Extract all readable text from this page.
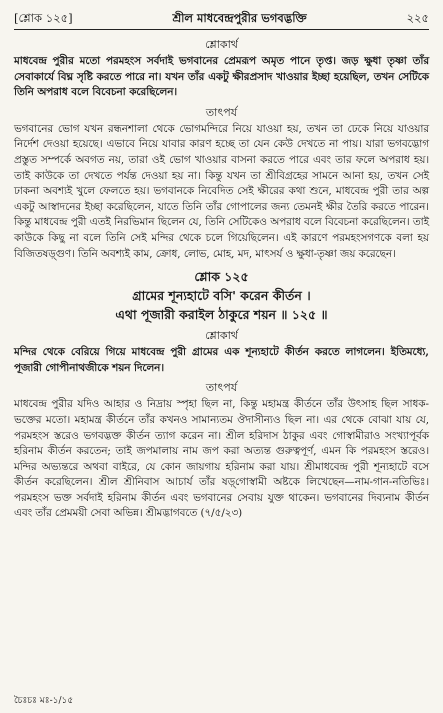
[শ্লোক ১২৫]	শ্রীল মাধবেন্দ্রপুরীর ভগবদ্ভক্তি	২২৫
শ্লোকার্থ

মাধবেন্দ্র পুরীর মতো পরমহংস সর্বদাই ভগবানের প্রেমরূপ অমৃত পানে তৃপ্ত। জড় ক্ষুধা তৃষ্ণা তাঁর সেবাকার্যে বিঘ্ন সৃষ্টি করতে পারে না। যখন তাঁর একটু ক্ষীরপ্রসাদ খাওয়ার ইচ্ছা হয়েছিল, তখন সেটিকে তিনি অপরাধ বলে বিবেচনা করেছিলেন।

তাৎপর্য

ভগবানের ভোগ যখন রন্ধনশালা থেকে ভোগমন্দিরে নিয়ে যাওয়া হয়, তখন তা ঢেকে নিয়ে যাওয়ার নির্দেশ দেওয়া হয়েছে। এভাবে নিয়ে যাবার কারণ হচ্ছে তা যেন কেউ দেখতে না পায়। যারা ভগবদ্ভোগ প্রস্তুত সম্পর্কে অবগত নয়, তারা ওই ভোগ খাওয়ার বাসনা করতে পারে এবং তার ফলে অপরাধ হয়। তাই কাউকে তা দেখতে পর্যন্ত দেওয়া হয় না। কিন্তু যখন তা শ্রীবিগ্রহের সামনে আনা হয়, তখন সেই ঢাকনা অবশ্যই খুলে ফেলতে হয়। ভগবানকে নিবেদিত সেই ক্ষীরের কথা শুনে, মাধবেন্দ্র পুরী তার অল্প একটু আস্বাদনের ইচ্ছা করেছিলেন, যাতে তিনি তাঁর গোপালের জন্য তেমনই ক্ষীর তৈরি করতে পারেন। কিন্তু মাধবেন্দ্র পুরী এতই নিরভিমান ছিলেন যে, তিনি সেটিকেও অপরাধ বলে বিবেচনা করেছিলেন। তাই কাউকে কিছু না বলে তিনি সেই মন্দির থেকে চলে গিয়েছিলেন। এই কারণে পরমহংসগণকে বলা হয় বিজিতষড়্‌গুণ। তিনি অবশ্যই কাম, ক্রোধ, লোভ, মোহ, মদ, মাৎসর্য ও ক্ষুধা-তৃষ্ণা জয় করেছেন।

শ্লোক ১২৫
গ্রামের শূন্যহাটে বসি' করেন কীর্তন ।
এথা পূজারী করাইল ঠাকুরে শয়ন ॥ ১২৫ ॥
শ্লোকার্থ

মন্দির থেকে বেরিয়ে গিয়ে মাধবেন্দ্র পুরী গ্রামের এক শূন্যহাটে কীর্তন করতে লাগলেন। ইতিমধ্যে, পূজারী গোপীনাথজীকে শয়ন দিলেন।

তাৎপর্য

মাধবেন্দ্র পুরীর যদিও আহার ও নিদ্রায় স্পৃহা ছিল না, কিন্তু মহামন্ত্র কীর্তনে তাঁর উৎসাহ ছিল সাধক-ভক্তের মতো। মহামন্ত্র কীর্তনে তাঁর কখনও সামান্যতম ঔদাসীন্যও ছিল না। এর থেকে বোঝা যায় যে, পরমহংস স্তরেও ভগবদ্ভক্ত কীর্তন ত্যাগ করেন না। শ্রীল হরিদাস ঠাকুর এবং গোস্বামীরাও সংখ্যাপূর্বক হরিনাম কীর্তন করতেন; তাই জপমালায় নাম জপ করা অত্যন্ত গুরুত্বপূর্ণ, এমন কি পরমহংস স্তরেও। মন্দির অভ্যন্তরে অথবা বাইরে, যে কোন জায়গায় হরিনাম করা যায়। শ্রীমাধবেন্দ্র পুরী শূন্যহাটে বসে কীর্তন করেছিলেন। শ্রীল শ্রীনিবাস আচার্য তাঁর ষড়্‌গোস্বামী অষ্টকে লিখেছেন—নাম-গান-নতিভিঃ। পরমহংস ভক্ত সর্বদাই হরিনাম কীর্তন এবং ভগবানের সেবায় যুক্ত থাকেন। ভগবানের দিব্যনাম কীর্তন এবং তাঁর প্রেমময়ী সেবা অভিন্ন। শ্রীমদ্ভাগবতে (৭/৫/২৩)

চৈঃচঃ মঃ-১/১৫
